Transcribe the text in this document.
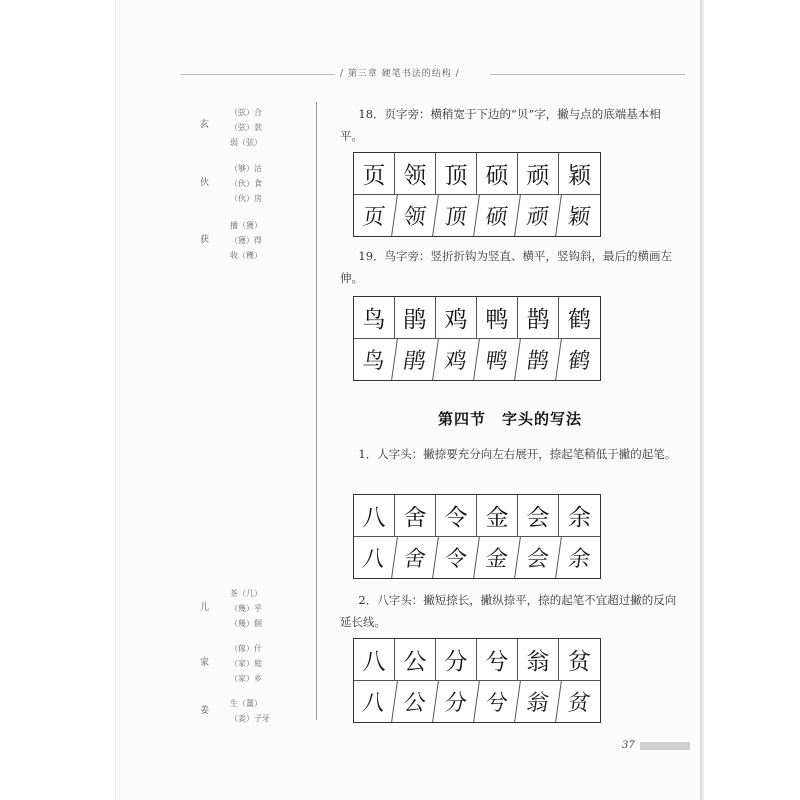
/ 第三章 硬笔书法的结构 /
玄
（弦）合
（弦）款
弱（弦）
伙
（够）沽
（伙）食
（伙）房
获
播（獲）
（獲）得
收（穫）
儿
茶（几）
（幾）乎
（幾）個
家
（傢）什
（家）庭
（家）乡
姜
生（薑）
（姜）子牙
18．页字旁：横稍宽于下边的“贝”字，撇与点的底端基本相平。
页 领 顶 硕 顽 颖
页 领 顶 硕 顽 颖
19．鸟字旁：竖折折钩为竖直、横平，竖钩斜，最后的横画左伸。
鸟 鹃 鸡 鸭 鹊 鹤
鸟 鹃 鸡 鸭 鹊 鹤
第四节　字头的写法
1．人字头：撇捺要充分向左右展开，捺起笔稍低于撇的起笔。
八 舍 令 金 会 余
八 舍 令 金 会 余
2．八字头：撇短捺长，撇纵捺平，捺的起笔不宜超过撇的反向延长线。
八 公 分 兮 翁 贫
八 公 分 兮 翁 贫
37
